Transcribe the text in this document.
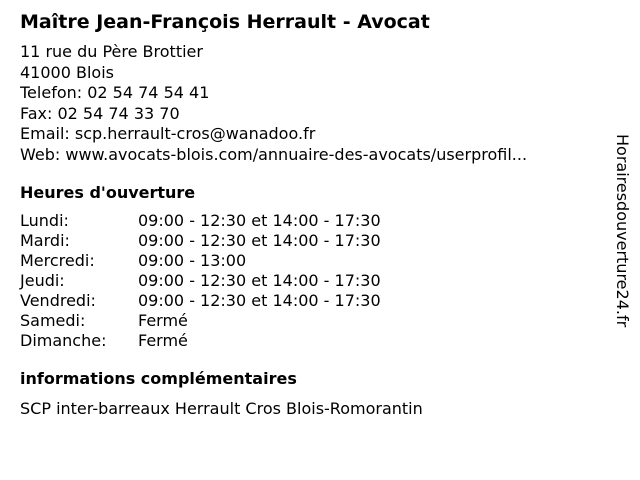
Maître Jean-François Herrault - Avocat
11 rue du Père Brottier
41000 Blois
Telefon: 02 54 74 54 41
Fax: 02 54 74 33 70
Email: scp.herrault-cros@wanadoo.fr
Web: www.avocats-blois.com/annuaire-des-avocats/userprofil...
Heures d'ouverture
Lundi:	09:00 - 12:30 et 14:00 - 17:30
Mardi:	09:00 - 12:30 et 14:00 - 17:30
Mercredi:	09:00 - 13:00
Jeudi:	09:00 - 12:30 et 14:00 - 17:30
Vendredi:	09:00 - 12:30 et 14:00 - 17:30
Samedi:	Fermé
Dimanche:	Fermé
informations complémentaires
SCP inter-barreaux Herrault Cros Blois-Romorantin
Horairesdouverture24.fr
